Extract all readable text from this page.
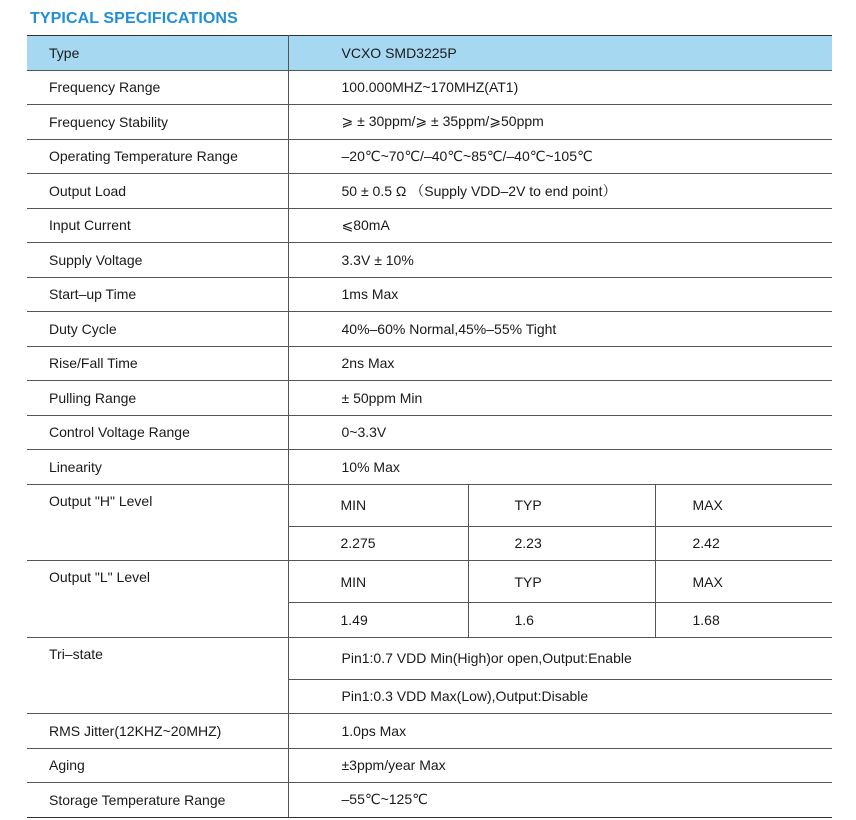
TYPICAL SPECIFICATIONS
Type	VCXO SMD3225P		
Frequency Range	100.000MHZ~170MHZ(AT1)		
Frequency Stability	⩾ ± 30ppm/⩾ ± 35ppm/⩾50ppm		
Operating Temperature Range	–20℃~70℃/–40℃~85℃/–40℃~105℃		
Output Load	50 ± 0.5 Ω （Supply VDD–2V to end point）		
Input Current	⩽80mA		
Supply Voltage	3.3V ± 10%		
Start–up Time	1ms Max		
Duty Cycle	40%–60% Normal,45%–55% Tight		
Rise/Fall Time	2ns Max		
Pulling Range	± 50ppm Min		
Control Voltage Range	0~3.3V		
Linearity	10% Max		
Output "H" Level	MIN	TYP	MAX
	2.275	2.23	2.42
Output "L" Level	MIN	TYP	MAX
	1.49	1.6	1.68
Tri–state	Pin1:0.7 VDD Min(High)or open,Output:Enable		
	Pin1:0.3 VDD Max(Low),Output:Disable		
RMS Jitter(12KHZ~20MHZ)	1.0ps Max		
Aging	±3ppm/year Max		
Storage Temperature Range	–55℃~125℃		
